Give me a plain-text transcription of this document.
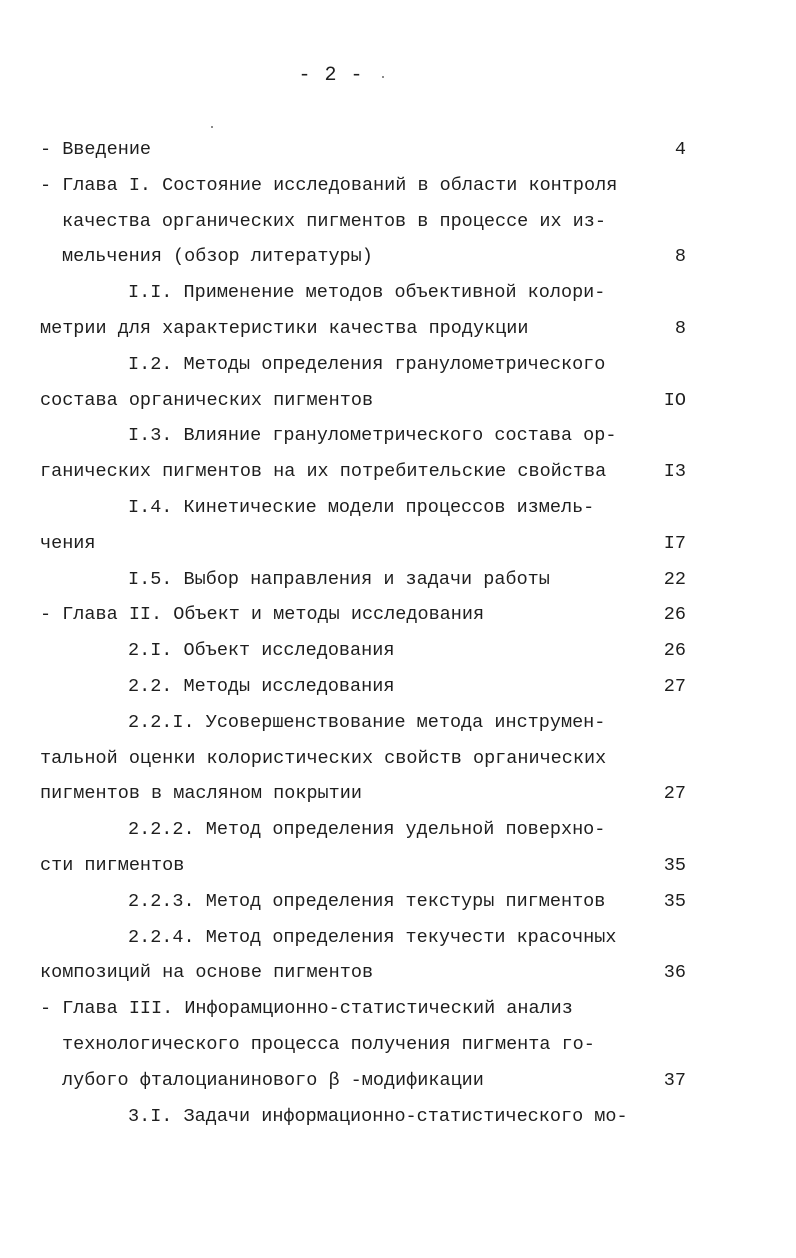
- 2 -
- Введение	4
- Глава I. Состояние исследований в области контроля
качества органических пигментов в процессе их из-
мельчения (обзор литературы)	8
I.I. Применение методов объективной колори-
метрии для характеристики качества продукции	8
I.2. Методы определения гранулометрического
состава органических пигментов	IO
I.3. Влияние гранулометрического состава ор-
ганических пигментов на их потребительские свойства	I3
I.4. Кинетические модели процессов измель-
чения	I7
I.5. Выбор направления и задачи работы	22
- Глава II. Объект и методы исследования	26
2.I. Объект исследования	26
2.2. Методы исследования	27
2.2.I. Усовершенствование метода инструмен-
тальной оценки колористических свойств органических
пигментов в масляном покрытии	27
2.2.2. Метод определения удельной поверхно-
сти пигментов	35
2.2.3. Метод определения текстуры пигментов	35
2.2.4. Метод определения текучести красочных
композиций на основе пигментов	36
- Глава III. Инфорамционно-статистический анализ
технологического процесса получения пигмента го-
лубого фталоцианинового β -модификации	37
3.I. Задачи информационно-статистического мо-
